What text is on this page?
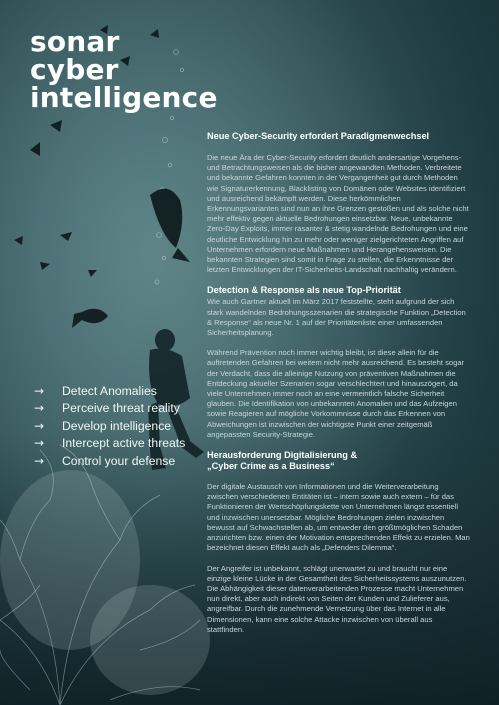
sonar
cyber
intelligence
→	Detect Anomalies
→	Perceive threat reality
→	Develop intelligence
→	Intercept active threats
→	Control your defense
Neue Cyber-Security erfordert Paradigmenwechsel

Die neue Ära der Cyber-Security erfordert deutlich andersartige Vorgehens- und Betrachtungsweisen als die bisher angewandten Methoden. Verbreitete und bekannte Gefahren konnten in der Vergangenheit gut durch Methoden wie Signaturerkennung, Blacklisting von Domänen oder Websites identifiziert und ausreichend bekämpft werden. Diese herkömmlichen Erkennungsvarianten sind nun an ihre Grenzen gestoßen und als solche nicht mehr effektiv gegen aktuelle Bedrohungen einsetzbar. Neue, unbekannte Zero-Day Exploits, immer rasanter & stetig wandelnde Bedrohungen und eine deutliche Entwicklung hin zu mehr oder weniger zielgerichteten Angriffen auf Unternehmen erfordern neue Maßnahmen und Herangehensweisen. Die bekannten Strategien sind somit in Frage zu stellen, die Erkenntnisse der letzten Entwicklungen der IT-Sicherheits-Landschaft nachhaltig verändern.

Detection & Response als neue Top-Priorität

Wie auch Gartner aktuell im März 2017 feststellte, steht aufgrund der sich stark wandelnden Bedrohungsszenarien die strategische Funktion „Detection & Response“ als neue Nr. 1 auf der Prioritätenliste einer umfassenden Sicherheitsplanung.

Während Prävention noch immer wichtig bleibt, ist diese allein für die auftretenden Gefahren bei weitem nicht mehr ausreichend. Es besteht sogar der Verdacht, dass die alleinige Nutzung von präventiven Maßnahmen die Entdeckung aktueller Szenarien sogar verschlechtert und hinauszögert, da viele Unternehmen immer noch an eine vermeintlich falsche Sicherheit glauben. Die Identifikation von unbekannten Anomalien und das Aufzeigen sowie Reagieren auf mögliche Vorkommnisse durch das Erkennen von Abweichungen ist inzwischen der wichtigste Punkt einer zeitgemäß angepassten Security-Strategie.

Herausforderung Digitalisierung &
„Cyber Crime as a Business“

Der digitale Austausch von Informationen und die Weiterverarbeitung zwischen verschiedenen Entitäten ist – intern sowie auch extern – für das Funktionieren der Wertschöpfungskette von Unternehmen längst essentiell und inzwischen unersetzbar. Mögliche Bedrohungen zielen inzwischen bewusst auf Schwachstellen ab, um entweder den größtmöglichen Schaden anzurichten bzw. einen der Motivation entsprechenden Effekt zu erzielen. Man bezeichnet diesen Effekt auch als „Defenders Dilemma“.

Der Angreifer ist unbekannt, schlägt unerwartet zu und braucht nur eine einzige kleine Lücke in der Gesamtheit des Sicherheitssystems auszunutzen. Die Abhängigkeit dieser datenverarbeitenden Prozesse macht Unternehmen nun direkt, aber auch indirekt von Seiten der Kunden und Zulieferer aus, angreifbar. Durch die zunehmende Vernetzung über das Internet in alle Dimensionen, kann eine solche Attacke inzwischen von überall aus stattfinden.
